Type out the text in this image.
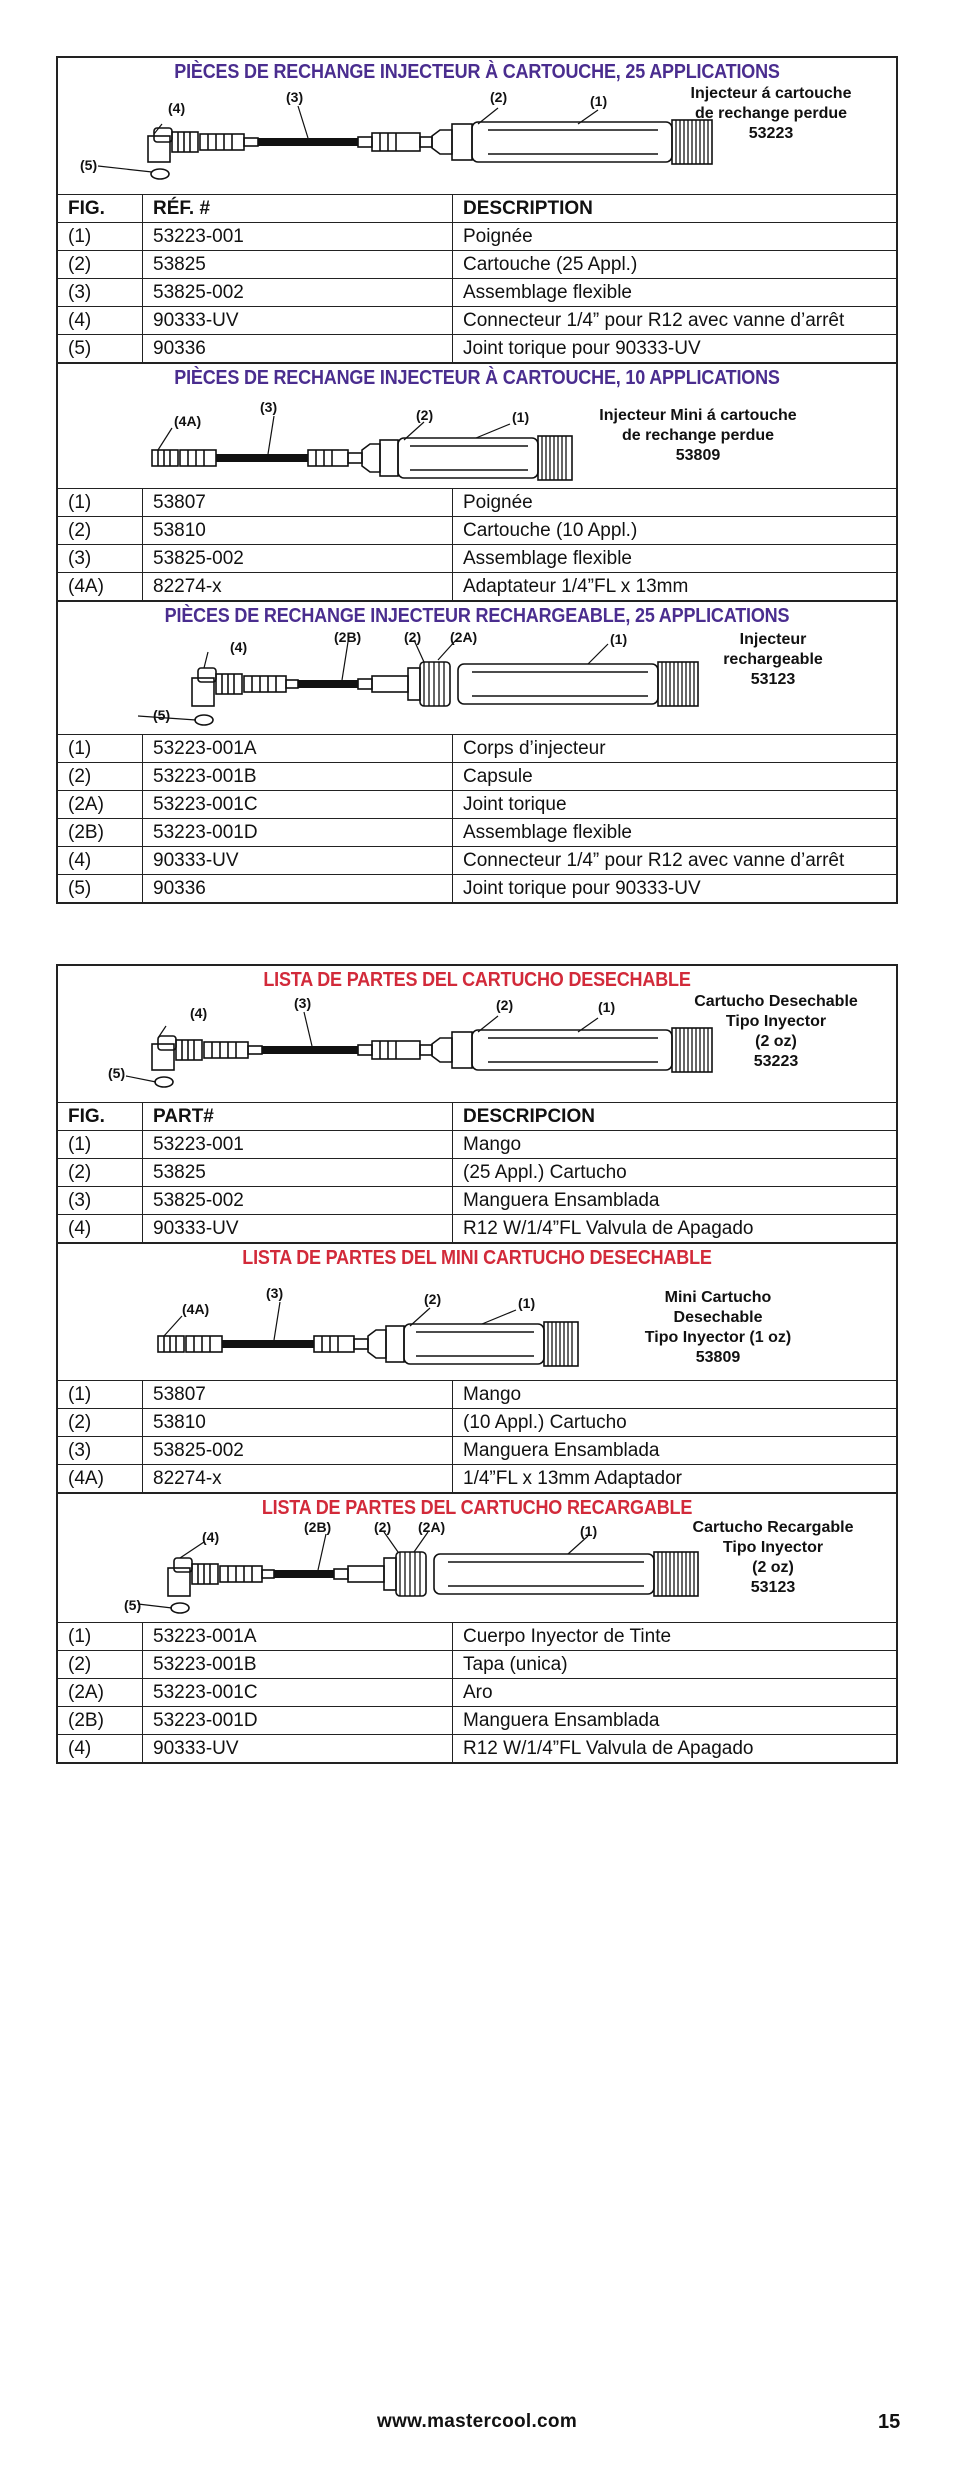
PIÈCES DE RECHANGE INJECTEUR À CARTOUCHE, 25 APPLICATIONS
(5)
(4)
(3)	(2)	(1)	Injecteur á cartouche
de rechange perdue
53223
FIG.	RÉF. #	DESCRIPTION
(1)	53223-001	Poignée
(2)	53825	Cartouche (25 Appl.)
(3)	53825-002	Assemblage flexible
(4)	90333-UV	Connecteur 1/4” pour R12 avec vanne d’arrêt
(5)	90336	Joint torique pour 90333-UV
PIÈCES DE RECHANGE INJECTEUR À CARTOUCHE, 10 APPLICATIONS
(4A)
(3)	(2)	(1)	Injecteur Mini á cartouche
de rechange perdue
53809
(1)	53807	Poignée
(2)	53810	Cartouche (10 Appl.)
(3)	53825-002	Assemblage flexible
(4A)	82274-x	Adaptateur 1/4”FL x 13mm
PIÈCES DE RECHANGE INJECTEUR RECHARGEABLE, 25 APPLICATIONS
(5)
(4)
(2B)	(2) (2A)	(1)	Injecteur
rechargeable
53123
(1)	53223-001A	Corps d’injecteur
(2)	53223-001B	Capsule
(2A)	53223-001C	Joint torique
(2B)	53223-001D	Assemblage flexible
(4)	90333-UV	Connecteur 1/4” pour R12 avec vanne d’arrêt
(5)	90336	Joint torique pour 90333-UV
LISTA DE PARTES DEL CARTUCHO DESECHABLE
(5)
(4)
(3)	(2)	(1)	Cartucho Desechable
Tipo Inyector
(2 oz)
53223
FIG.	PART#	DESCRIPCION
(1)	53223-001	Mango
(2)	53825	(25 Appl.) Cartucho
(3)	53825-002	Manguera Ensamblada
(4)	90333-UV	R12 W/1/4”FL Valvula de Apagado
LISTA DE PARTES DEL MINI CARTUCHO DESECHABLE
(4A)
(3)	(2)	(1)	Mini Cartucho
Desechable
Tipo Inyector (1 oz)
53809
(1)	53807	Mango
(2)	53810	(10 Appl.) Cartucho
(3)	53825-002	Manguera Ensamblada
(4A)	82274-x	1/4”FL x 13mm Adaptador
LISTA DE PARTES DEL CARTUCHO RECARGABLE
(5)
(4)
(2B)	(2) (2A)	(1)	Cartucho Recargable
Tipo Inyector
(2 oz)
53123
(1)	53223-001A	Cuerpo Inyector de Tinte
(2)	53223-001B	Tapa (unica)
(2A)	53223-001C	Aro
(2B)	53223-001D	Manguera Ensamblada
(4)	90333-UV	R12 W/1/4”FL Valvula de Apagado
www.mastercool.com	15
